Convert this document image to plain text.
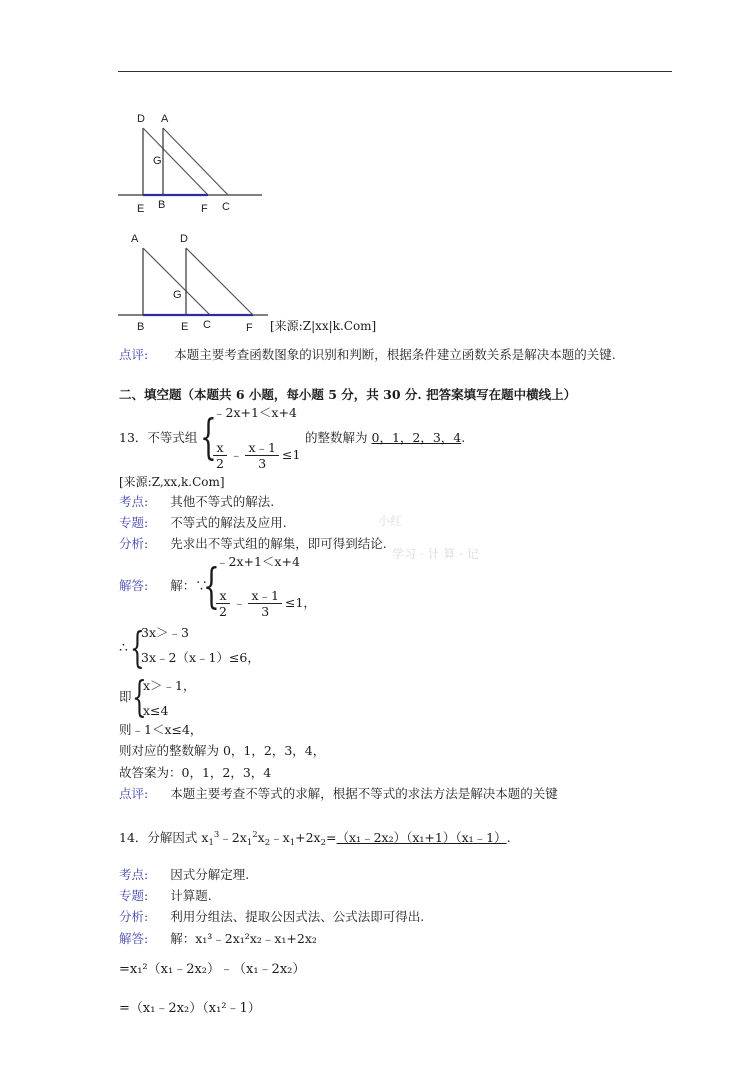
D A
G
E B	F C
A	D
G
B	E C	F [来源:Z|xx|k.Com]
点评: 本题主要考查函数图象的识别和判断，根据条件建立函数关系是解决本题的关键.
二、填空题（本题共 6 小题，每小题 5 分，共 30 分. 把答案填写在题中横线上）
13．不等式组 {
﹣2x+1＜x+4
$\frac{x}{2}$ ﹣ $\frac{x﹣1}{3} \le 1$
的整数解为 0，1，2，3，4.
[来源:Z,xx,k.Com]
考点: 其他不等式的解法.
专题: 不等式的解法及应用.
分析: 先求出不等式组的解集，即可得到结论.
小红
学习 · 计 算 · 记
解答: 解：∵
{
﹣2x+1＜x+4
$\frac{x}{2}$ ﹣ $\frac{x﹣1}{3} \le 1$，
∴ {
3x＞﹣3
3x﹣2（x﹣1）≤6，
即 {
x＞﹣1，
x≤4
则﹣1＜x≤4，
则对应的整数解为 0，1，2，3，4，
故答案为：0，1，2，3，4
点评: 本题主要考查不等式的求解，根据不等式的求法方法是解决本题的关键
14．分解因式 $x_1^3﹣2x_1^2x_2﹣x_1+2x_2=(x_1﹣2x_2)(x_1+1)(x_1﹣1)$.
考点: 因式分解定理.
专题: 计算题.
分析: 利用分组法、提取公因式法、公式法即可得出.
解答: 解：x₁³﹣2x₁²x₂﹣x₁+2x₂
=x₁²（x₁﹣2x₂）﹣（x₁﹣2x₂）
=（x₁﹣2x₂）（x₁²﹣1）
